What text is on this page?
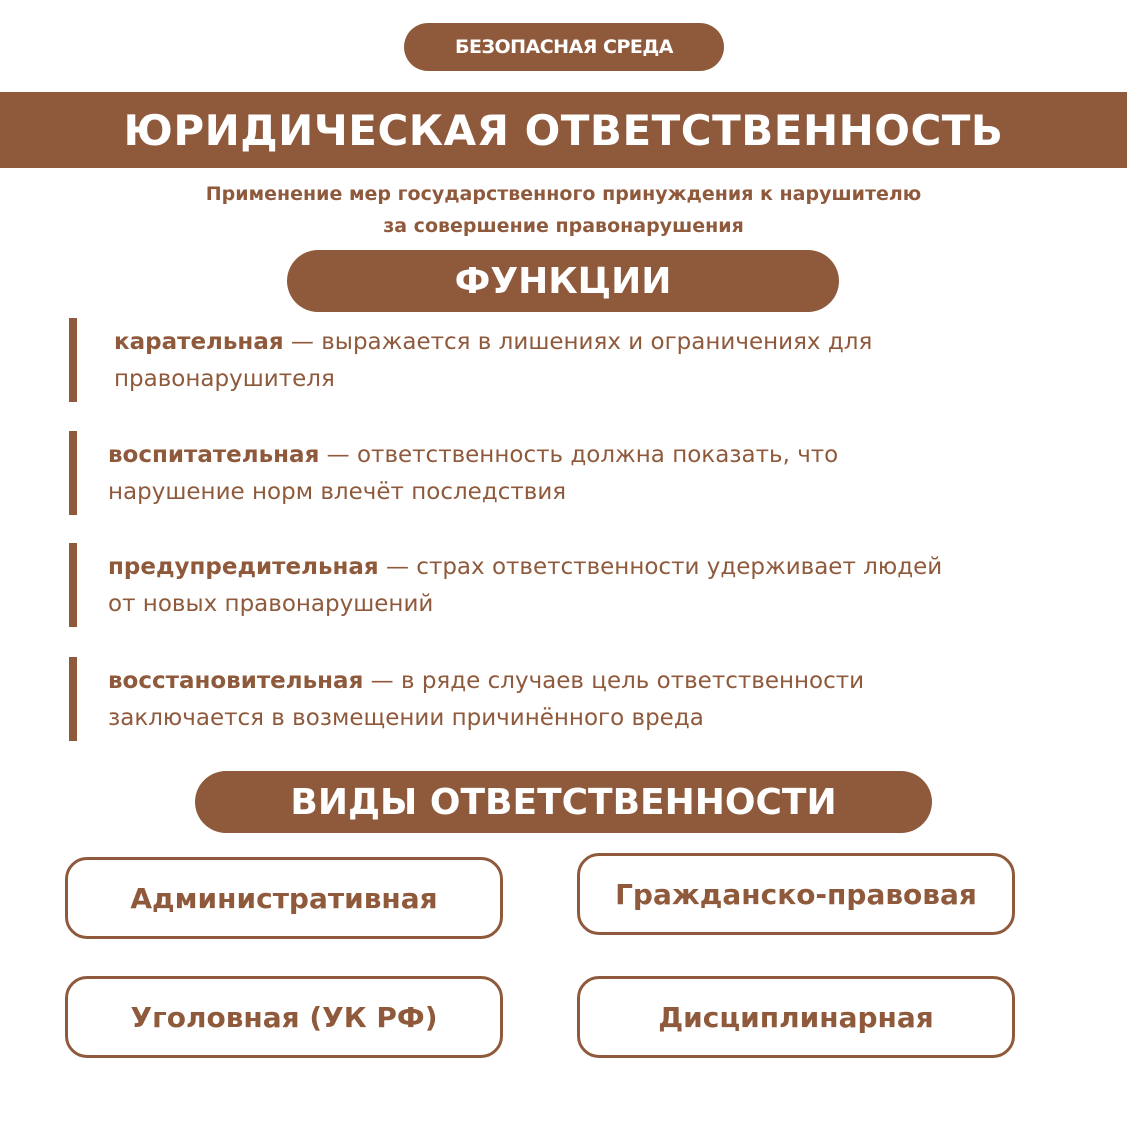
БЕЗОПАСНАЯ СРЕДА
ЮРИДИЧЕСКАЯ ОТВЕТСТВЕННОСТЬ
Применение мер государственного принуждения к нарушителю
за совершение правонарушения
ФУНКЦИИ
карательная — выражается в лишениях и ограничениях для
правонарушителя
воспитательная — ответственность должна показать, что
нарушение норм влечёт последствия
предупредительная — страх ответственности удерживает людей
от новых правонарушений
восстановительная — в ряде случаев цель ответственности
заключается в возмещении причинённого вреда
ВИДЫ ОТВЕТСТВЕННОСТИ
Административная	Гражданско-правовая
Уголовная (УК РФ)	Дисциплинарная
